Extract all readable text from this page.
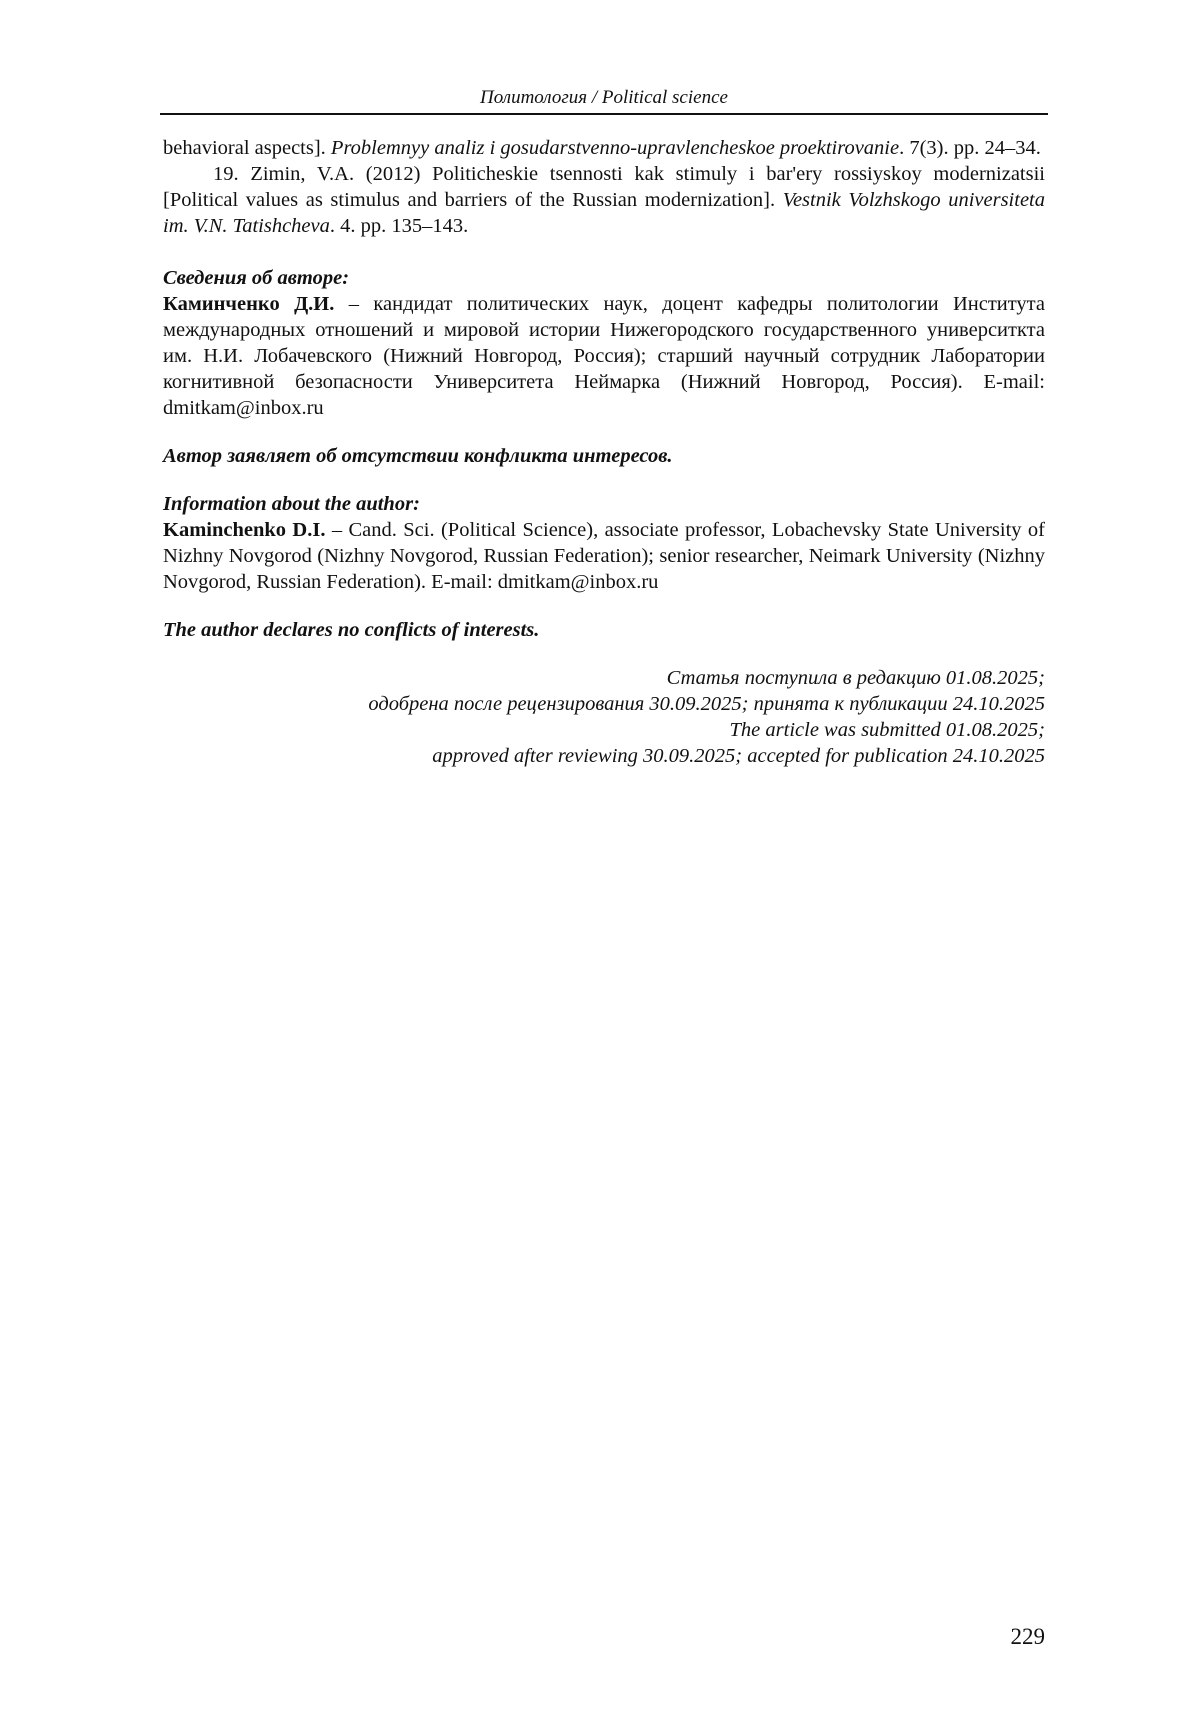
Политология / Political science

behavioral aspects]. Problemnyy analiz i gosudarstvenno-upravlencheskoe proektirovanie. 7(3). pp. 24–34.

19. Zimin, V.A. (2012) Politicheskie tsennosti kak stimuly i bar'ery rossiyskoy modernizatsii [Political values as stimulus and barriers of the Russian modernization]. Vestnik Volzhskogo universiteta im. V.N. Tatishcheva. 4. pp. 135–143.

Сведения об авторе:

Каминченко Д.И. – кандидат политических наук, доцент кафедры политологии Института международных отношений и мировой истории Нижегородского государственного университкта им. Н.И. Лобачевского (Нижний Новгород, Россия); старший научный сотрудник Лаборатории когнитивной безопасности Университета Неймарка (Нижний Новгород, Россия). E-mail: dmitkam@inbox.ru

Автор заявляет об отсутствии конфликта интересов.

Information about the author:

Kaminchenko D.I. – Cand. Sci. (Political Science), associate professor, Lobachevsky State University of Nizhny Novgorod (Nizhny Novgorod, Russian Federation); senior researcher, Neimark University (Nizhny Novgorod, Russian Federation). E-mail: dmitkam@inbox.ru

The author declares no conflicts of interests.

Статья поступила в редакцию 01.08.2025;

одобрена после рецензирования 30.09.2025; принята к публикации 24.10.2025

The article was submitted 01.08.2025;

approved after reviewing 30.09.2025; accepted for publication 24.10.2025

229
